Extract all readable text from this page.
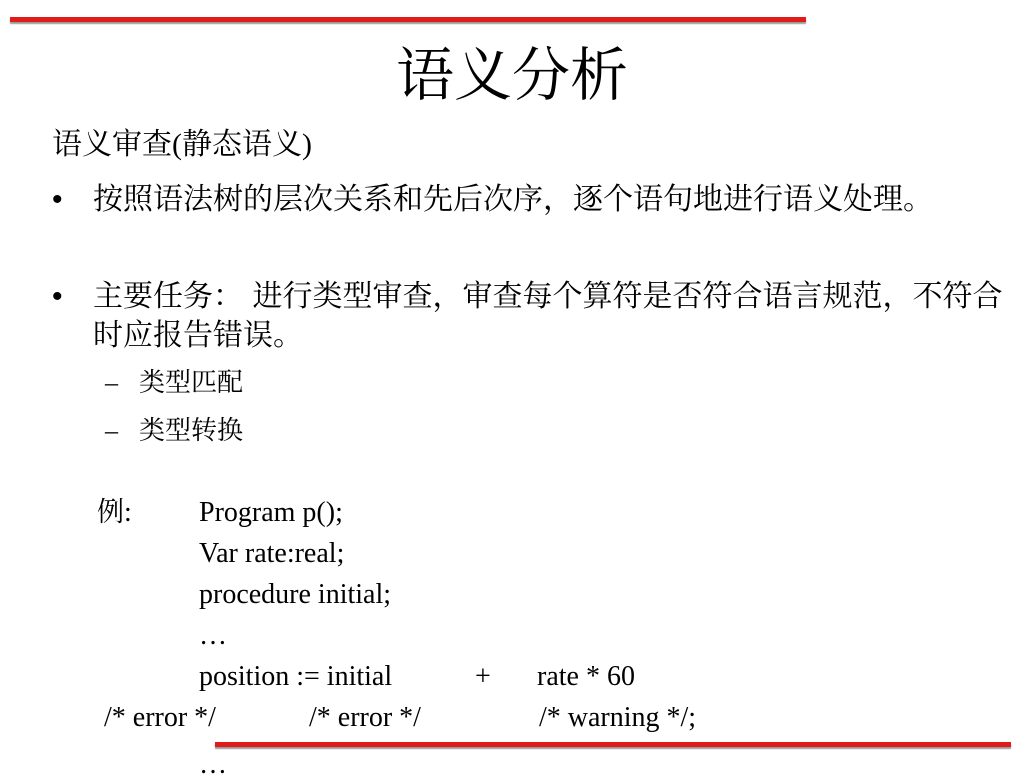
语义分析
语义审查(静态语义)
• 按照语法树的层次关系和先后次序，逐个语句地进行语义处理。
• 主要任务： 进行类型审查，审查每个算符是否符合语言规范，不符合时应报告错误。
– 类型匹配
– 类型转换
例: Program p();
Var rate:real;
procedure initial;
…
position := initial	+ rate * 60
/* error */	/* error */	/* warning */;
…
